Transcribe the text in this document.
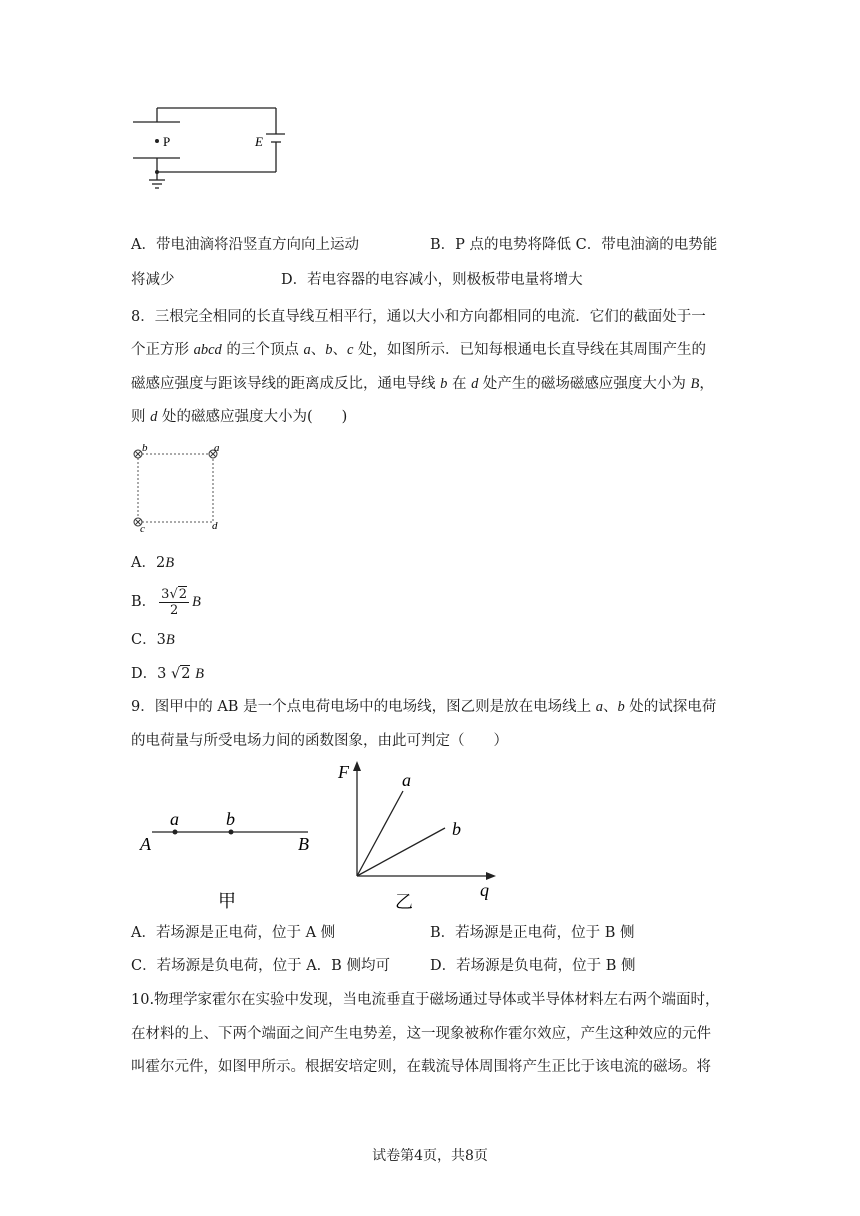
P	E
A．带电油滴将沿竖直方向向上运动	B．P 点的电势将降低 C．带电油滴的电势能
将减少	D．若电容器的电容减小，则极板带电量将增大
8．三根完全相同的长直导线互相平行，通以大小和方向都相同的电流．它们的截面处于一
个正方形 abcd 的三个顶点 a、b、c 处，如图所示．已知每根通电长直导线在其周围产生的
磁感应强度与距该导线的距离成反比，通电导线 b 在 d 处产生的磁场磁感应强度大小为 B，
则 d 处的磁感应强度大小为(　　)
b	a
c	d
A．2B
B． $\frac{3√2}{2}$ B
C．3B
D．3 √2 B
9．图甲中的 AB 是一个点电荷电场中的电场线，图乙则是放在电场线上 a、b 处的试探电荷
的电荷量与所受电场力间的函数图象，由此可判定（　　）
A	B
a	b
甲
F
q
a
b
乙
A．若场源是正电荷，位于 A 侧	B．若场源是正电荷，位于 B 侧
C．若场源是负电荷，位于 A．B 侧均可	D．若场源是负电荷，位于 B 侧
10.物理学家霍尔在实验中发现，当电流垂直于磁场通过导体或半导体材料左右两个端面时，
在材料的上、下两个端面之间产生电势差，这一现象被称作霍尔效应，产生这种效应的元件
叫霍尔元件，如图甲所示。根据安培定则，在载流导体周围将产生正比于该电流的磁场。将
试卷第4页，共8页
